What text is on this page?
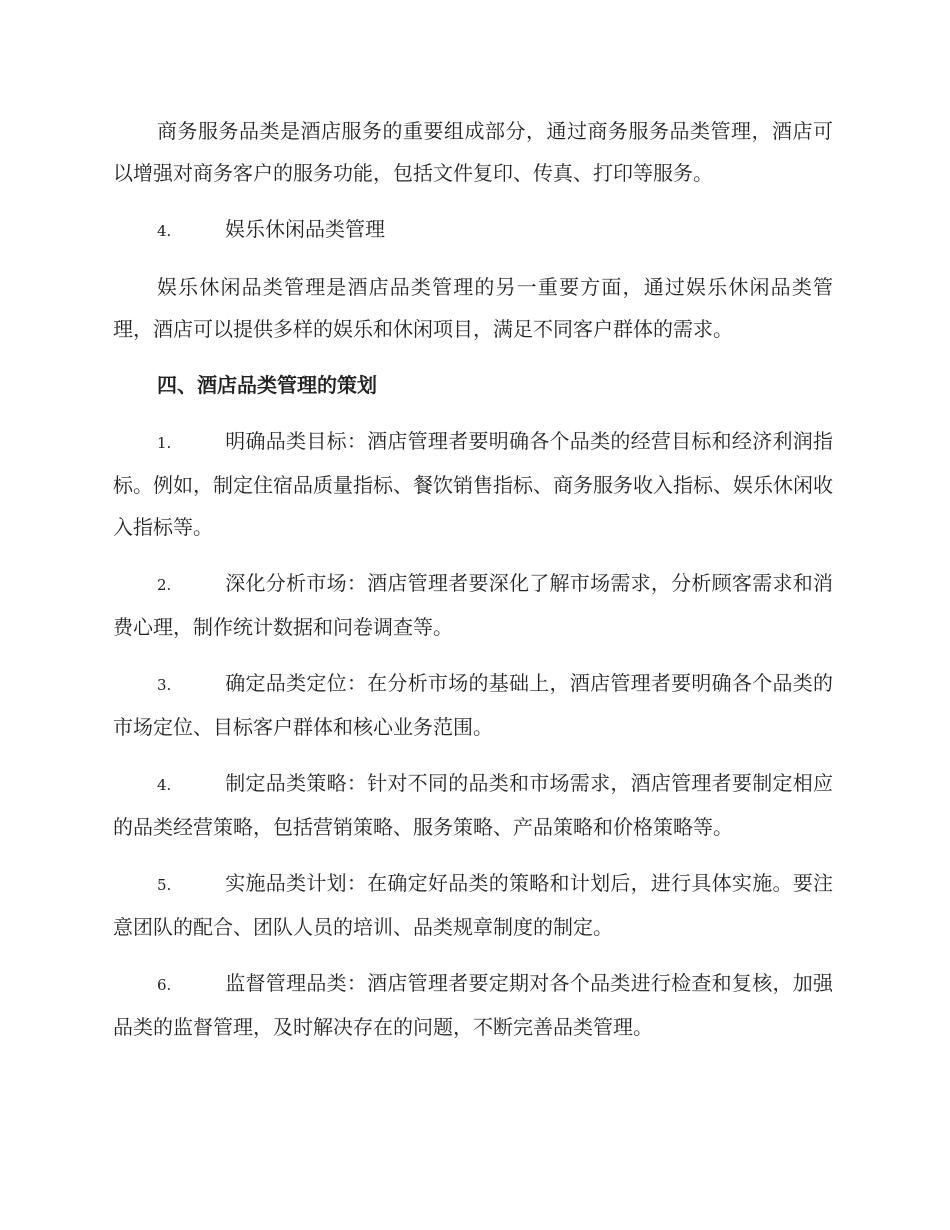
商务服务品类是酒店服务的重要组成部分，通过商务服务品类管理，酒店可以增强对商务客户的服务功能，包括文件复印、传真、打印等服务。

4.	娱乐休闲品类管理

娱乐休闲品类管理是酒店品类管理的另一重要方面，通过娱乐休闲品类管理，酒店可以提供多样的娱乐和休闲项目，满足不同客户群体的需求。

四、酒店品类管理的策划
1.	明确品类目标：酒店管理者要明确各个品类的经营目标和经济利润指标。例如，制定住宿品质量指标、餐饮销售指标、商务服务收入指标、娱乐休闲收入指标等。
2.	深化分析市场：酒店管理者要深化了解市场需求，分析顾客需求和消费心理，制作统计数据和问卷调查等。
3.	确定品类定位：在分析市场的基础上，酒店管理者要明确各个品类的市场定位、目标客户群体和核心业务范围。
4.	制定品类策略：针对不同的品类和市场需求，酒店管理者要制定相应的品类经营策略，包括营销策略、服务策略、产品策略和价格策略等。
5.	实施品类计划：在确定好品类的策略和计划后，进行具体实施。要注意团队的配合、团队人员的培训、品类规章制度的制定。
6.	监督管理品类：酒店管理者要定期对各个品类进行检查和复核，加强品类的监督管理，及时解决存在的问题，不断完善品类管理。
